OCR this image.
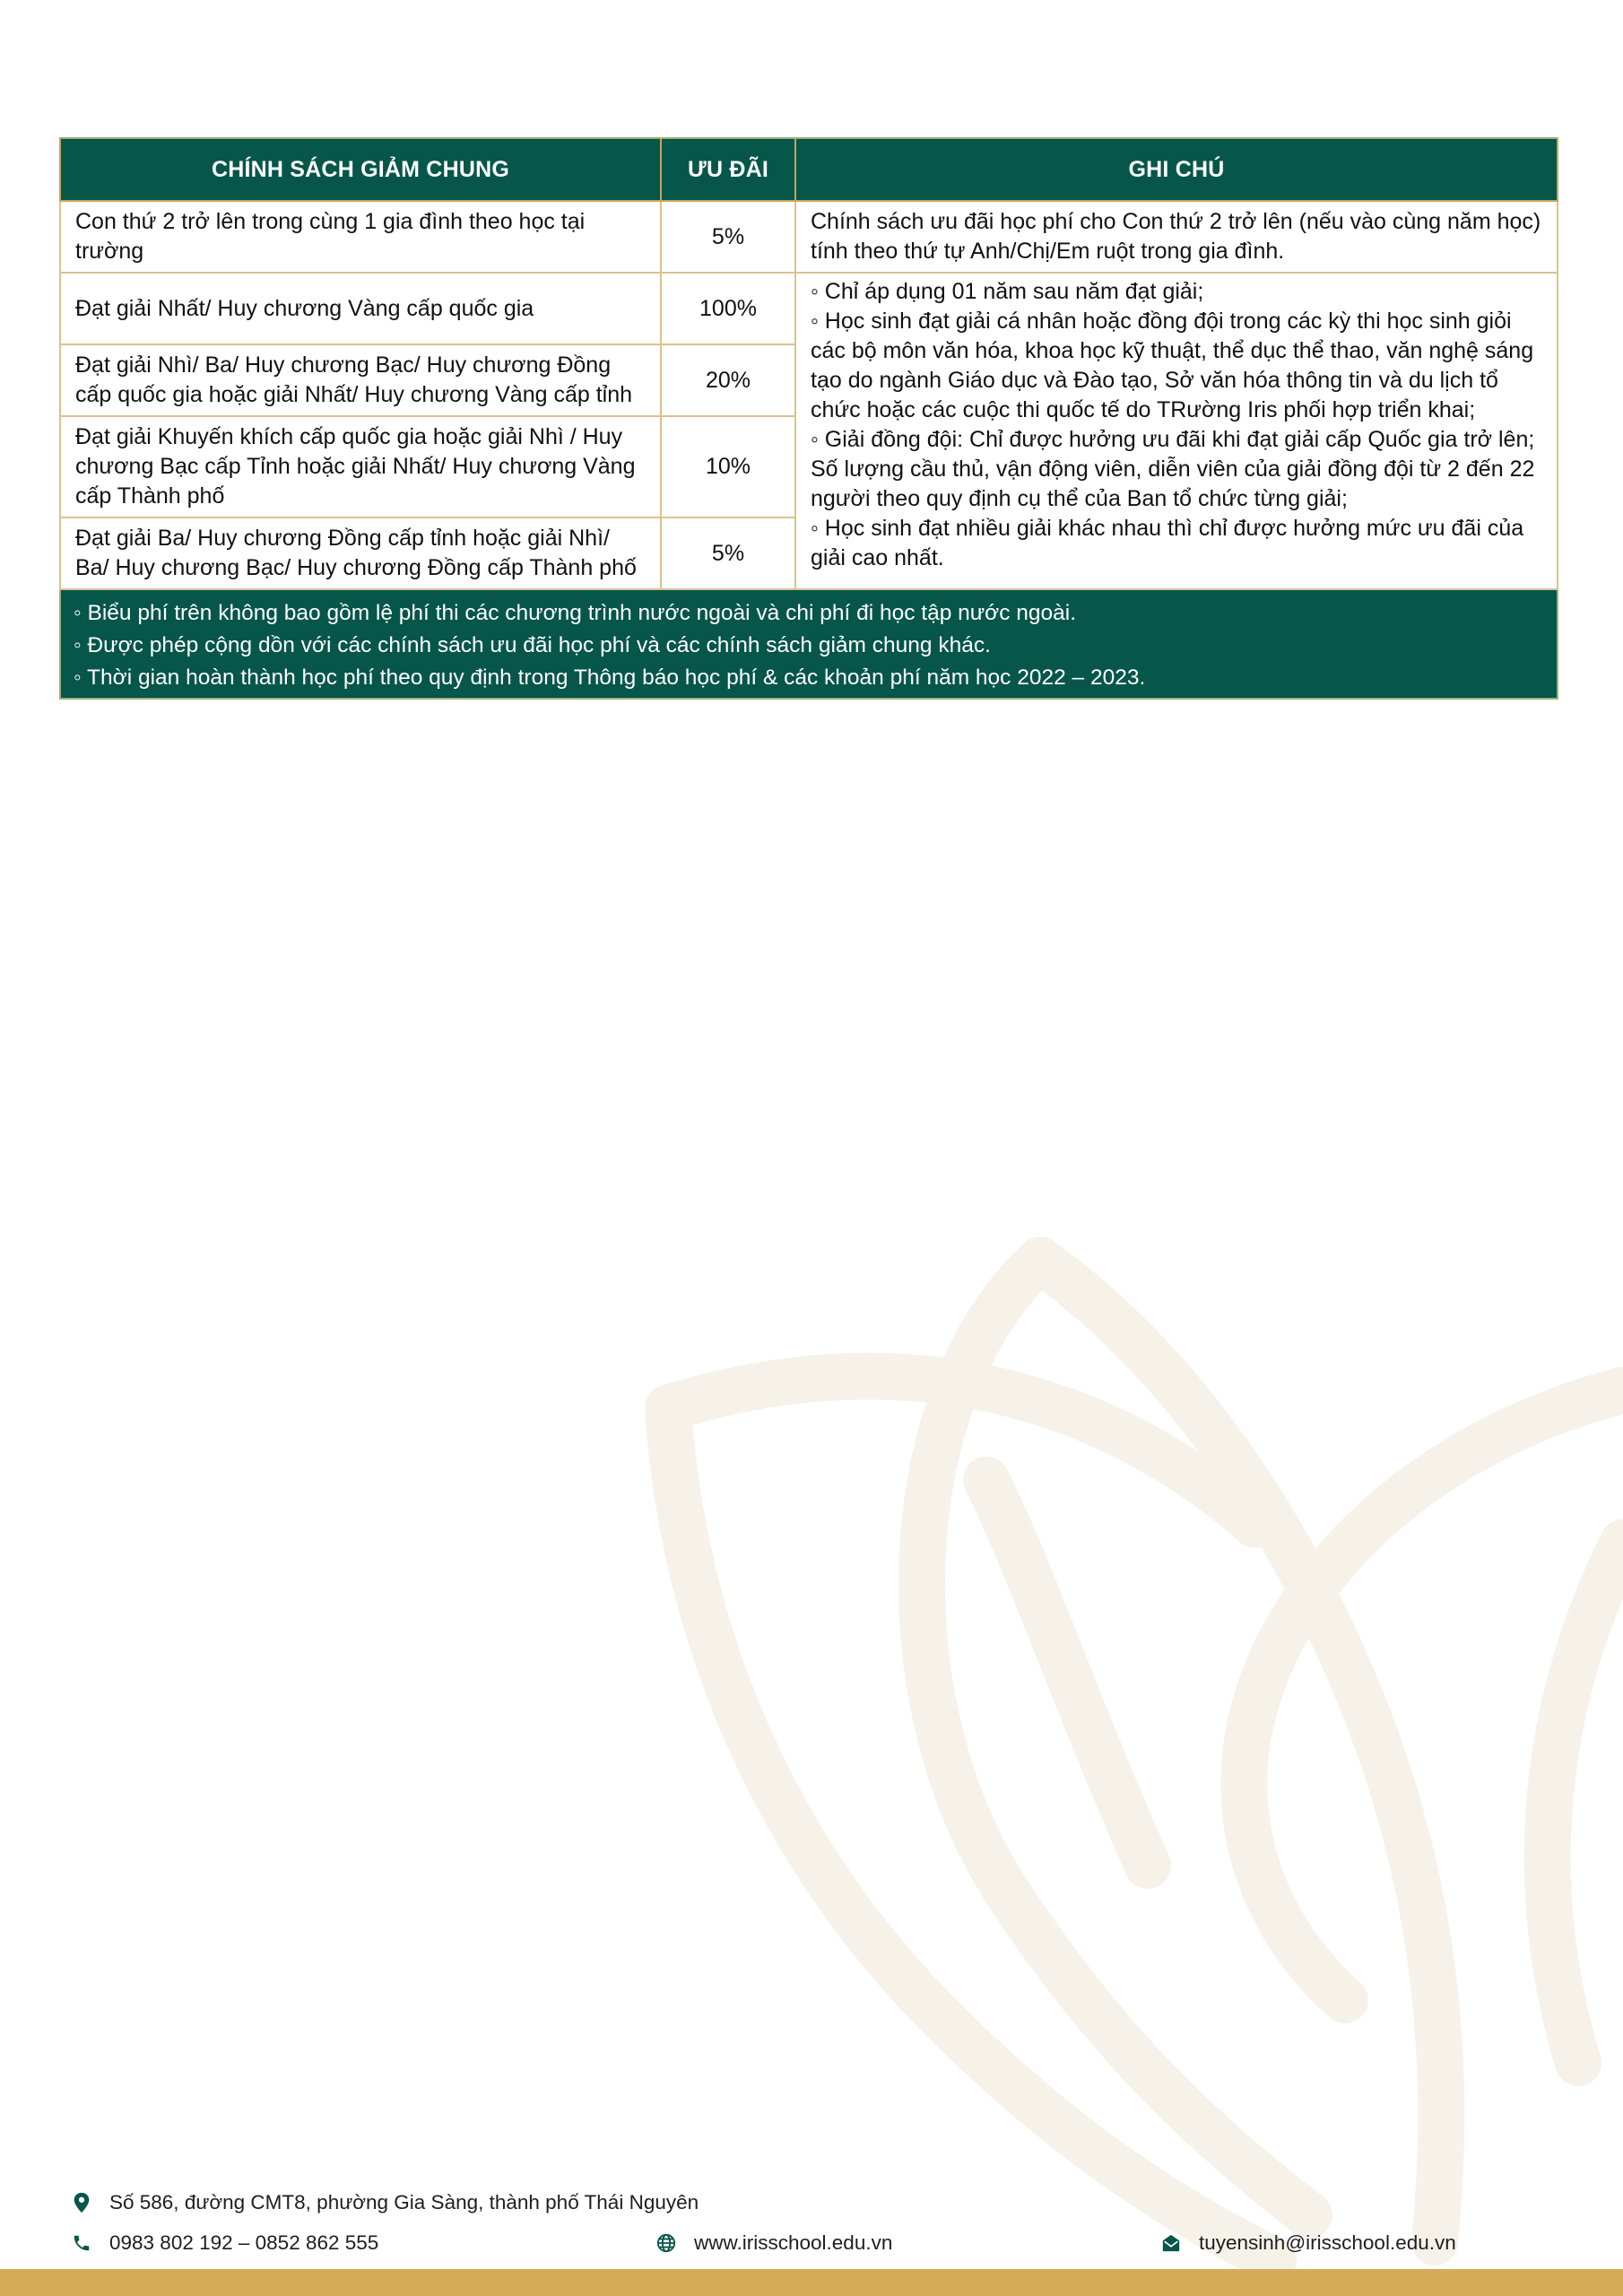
CHÍNH SÁCH GIẢM CHUNG	ƯU ĐÃI	GHI CHÚ
Con thứ 2 trở lên trong cùng 1 gia đình theo học tại trường	5%	Chính sách ưu đãi học phí cho Con thứ 2 trở lên (nếu vào cùng năm học) tính theo thứ tự Anh/Chị/Em ruột trong gia đình.

Đạt giải Nhất/ Huy chương Vàng cấp quốc gia	100%	◦ Chỉ áp dụng 01 năm sau năm đạt giải;
◦ Học sinh đạt giải cá nhân hoặc đồng đội trong các kỳ thi học sinh giỏi các bộ môn văn hóa, khoa học kỹ thuật, thể dục thể thao, văn nghệ sáng tạo do ngành Giáo dục và Đào tạo, Sở văn hóa thông tin và du lịch tổ chức hoặc các cuộc thi quốc tế do TRường Iris phối hợp triển khai;
◦ Giải đồng đội: Chỉ được hưởng ưu đãi khi đạt giải cấp Quốc gia trở lên; Số lượng cầu thủ, vận động viên, diễn viên của giải đồng đội từ 2 đến 22 người theo quy định cụ thể của Ban tổ chức từng giải;
◦ Học sinh đạt nhiều giải khác nhau thì chỉ được hưởng mức ưu đãi của giải cao nhất.

Đạt giải Nhì/ Ba/ Huy chương Bạc/ Huy chương Đồng cấp quốc gia hoặc giải Nhất/ Huy chương Vàng cấp tỉnh	20%	
Đạt giải Khuyến khích cấp quốc gia hoặc giải Nhì / Huy chương Bạc cấp Tỉnh hoặc giải Nhất/ Huy chương Vàng cấp Thành phố	10%	
Đạt giải Ba/ Huy chương Đồng cấp tỉnh hoặc giải Nhì/ Ba/ Huy chương Bạc/ Huy chương Đồng cấp Thành phố	5%	

◦ Biểu phí trên không bao gồm lệ phí thi các chương trình nước ngoài và chi phí đi học tập nước ngoài.
◦ Được phép cộng dồn với các chính sách ưu đãi học phí và các chính sách giảm chung khác.
◦ Thời gian hoàn thành học phí theo quy định trong Thông báo học phí & các khoản phí năm học 2022 – 2023.		
Số 586, đường CMT8, phường Gia Sàng, thành phố Thái Nguyên
0983 802 192 – 0852 862 555	www.irisschool.edu.vn	tuyensinh@irisschool.edu.vn
